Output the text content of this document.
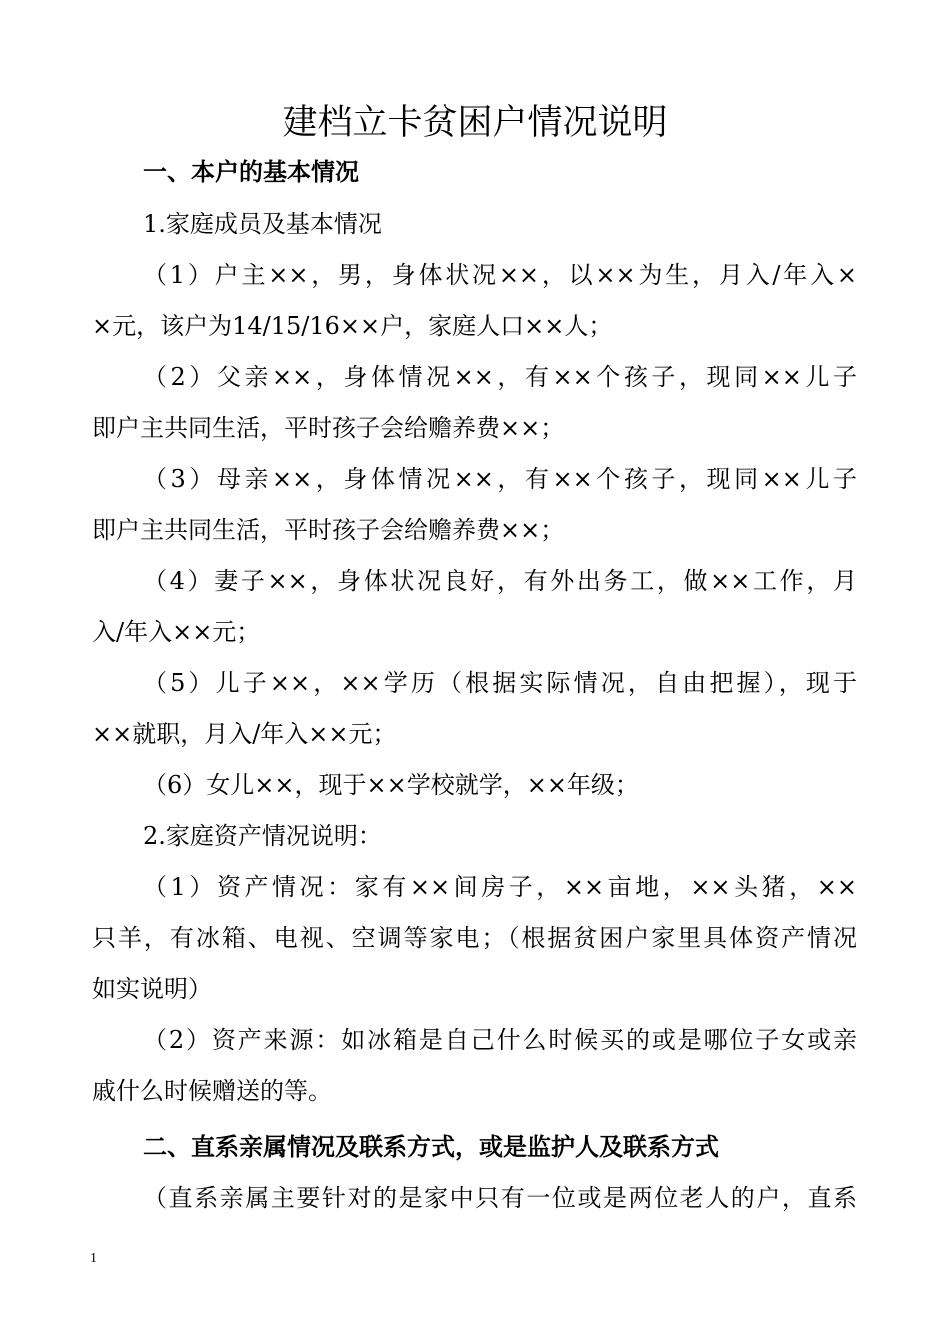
建档立卡贫困户情况说明
一、本户的基本情况
1.家庭成员及基本情况
（1）户主××，男，身体状况××，以××为生，月入/年入×
×元，该户为14/15/16××户，家庭人口××人；
（2）父亲××，身体情况××，有××个孩子，现同××儿子
即户主共同生活，平时孩子会给赡养费××；
（3）母亲××，身体情况××，有××个孩子，现同××儿子
即户主共同生活，平时孩子会给赡养费××；
（4）妻子××，身体状况良好，有外出务工，做××工作，月
入/年入××元；
（5）儿子××，××学历（根据实际情况，自由把握），现于
××就职，月入/年入××元；
（6）女儿××，现于××学校就学，××年级；
2.家庭资产情况说明：
（1）资产情况：家有××间房子，××亩地，××头猪，××
只羊，有冰箱、电视、空调等家电；（根据贫困户家里具体资产情况
如实说明）
（2）资产来源：如冰箱是自己什么时候买的或是哪位子女或亲
戚什么时候赠送的等。
二、直系亲属情况及联系方式，或是监护人及联系方式
（直系亲属主要针对的是家中只有一位或是两位老人的户，直系
1
